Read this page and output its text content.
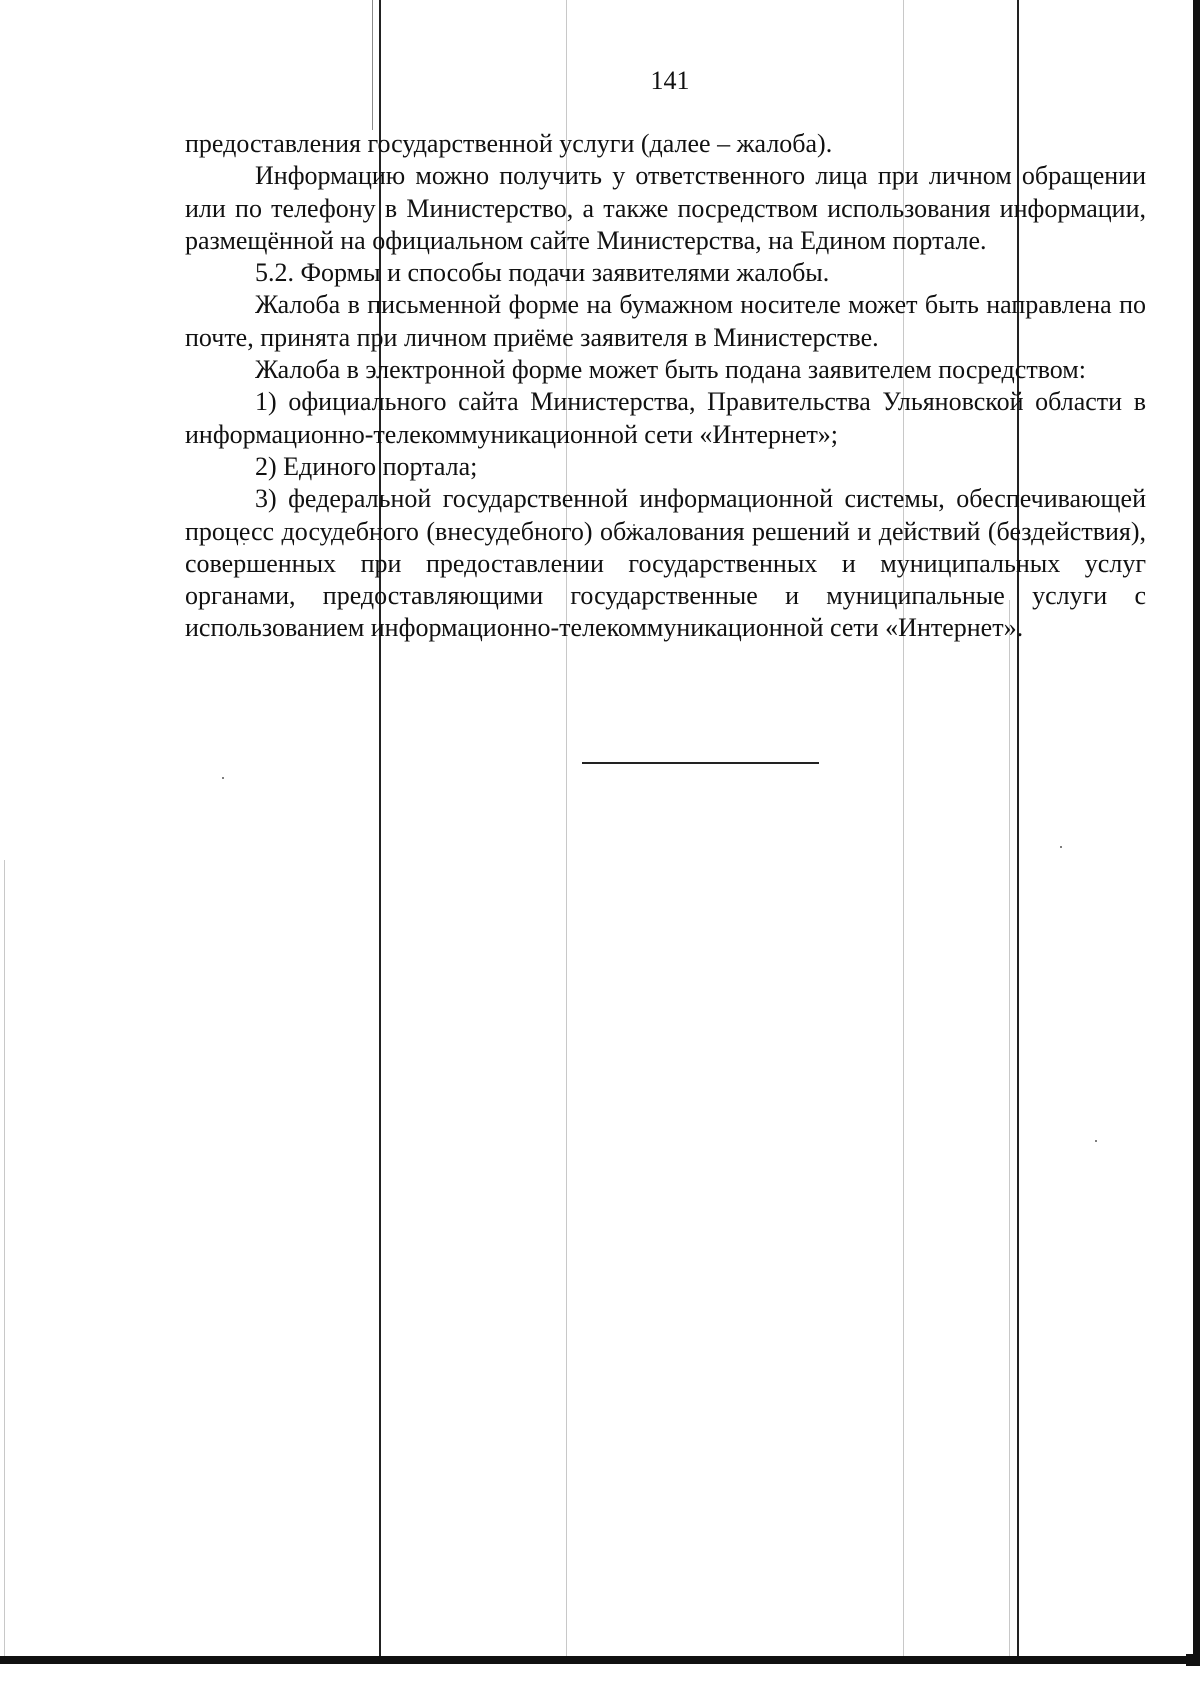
141

предоставления государственной услуги (далее – жалоба).

Информацию можно получить у ответственного лица при личном обращении или по телефону в Министерство, а также посредством использования информации, размещённой на официальном сайте Министерства, на Едином портале.

5.2. Формы и способы подачи заявителями жалобы.

Жалоба в письменной форме на бумажном носителе может быть направлена по почте, принята при личном приёме заявителя в Министерстве.

Жалоба в электронной форме может быть подана заявителем посредством:

1) официального сайта Министерства, Правительства Ульяновской области в информационно-телекоммуникационной сети «Интернет»;

2) Единого портала;

3) федеральной государственной информационной системы, обеспечивающей процесс досудебного (внесудебного) обжалования решений и действий (бездействия), совершенных при предоставлении государственных и муниципальных услуг органами, предоставляющими государственные и муниципальные услуги с использованием информационно-телекоммуникационной сети «Интернет».
